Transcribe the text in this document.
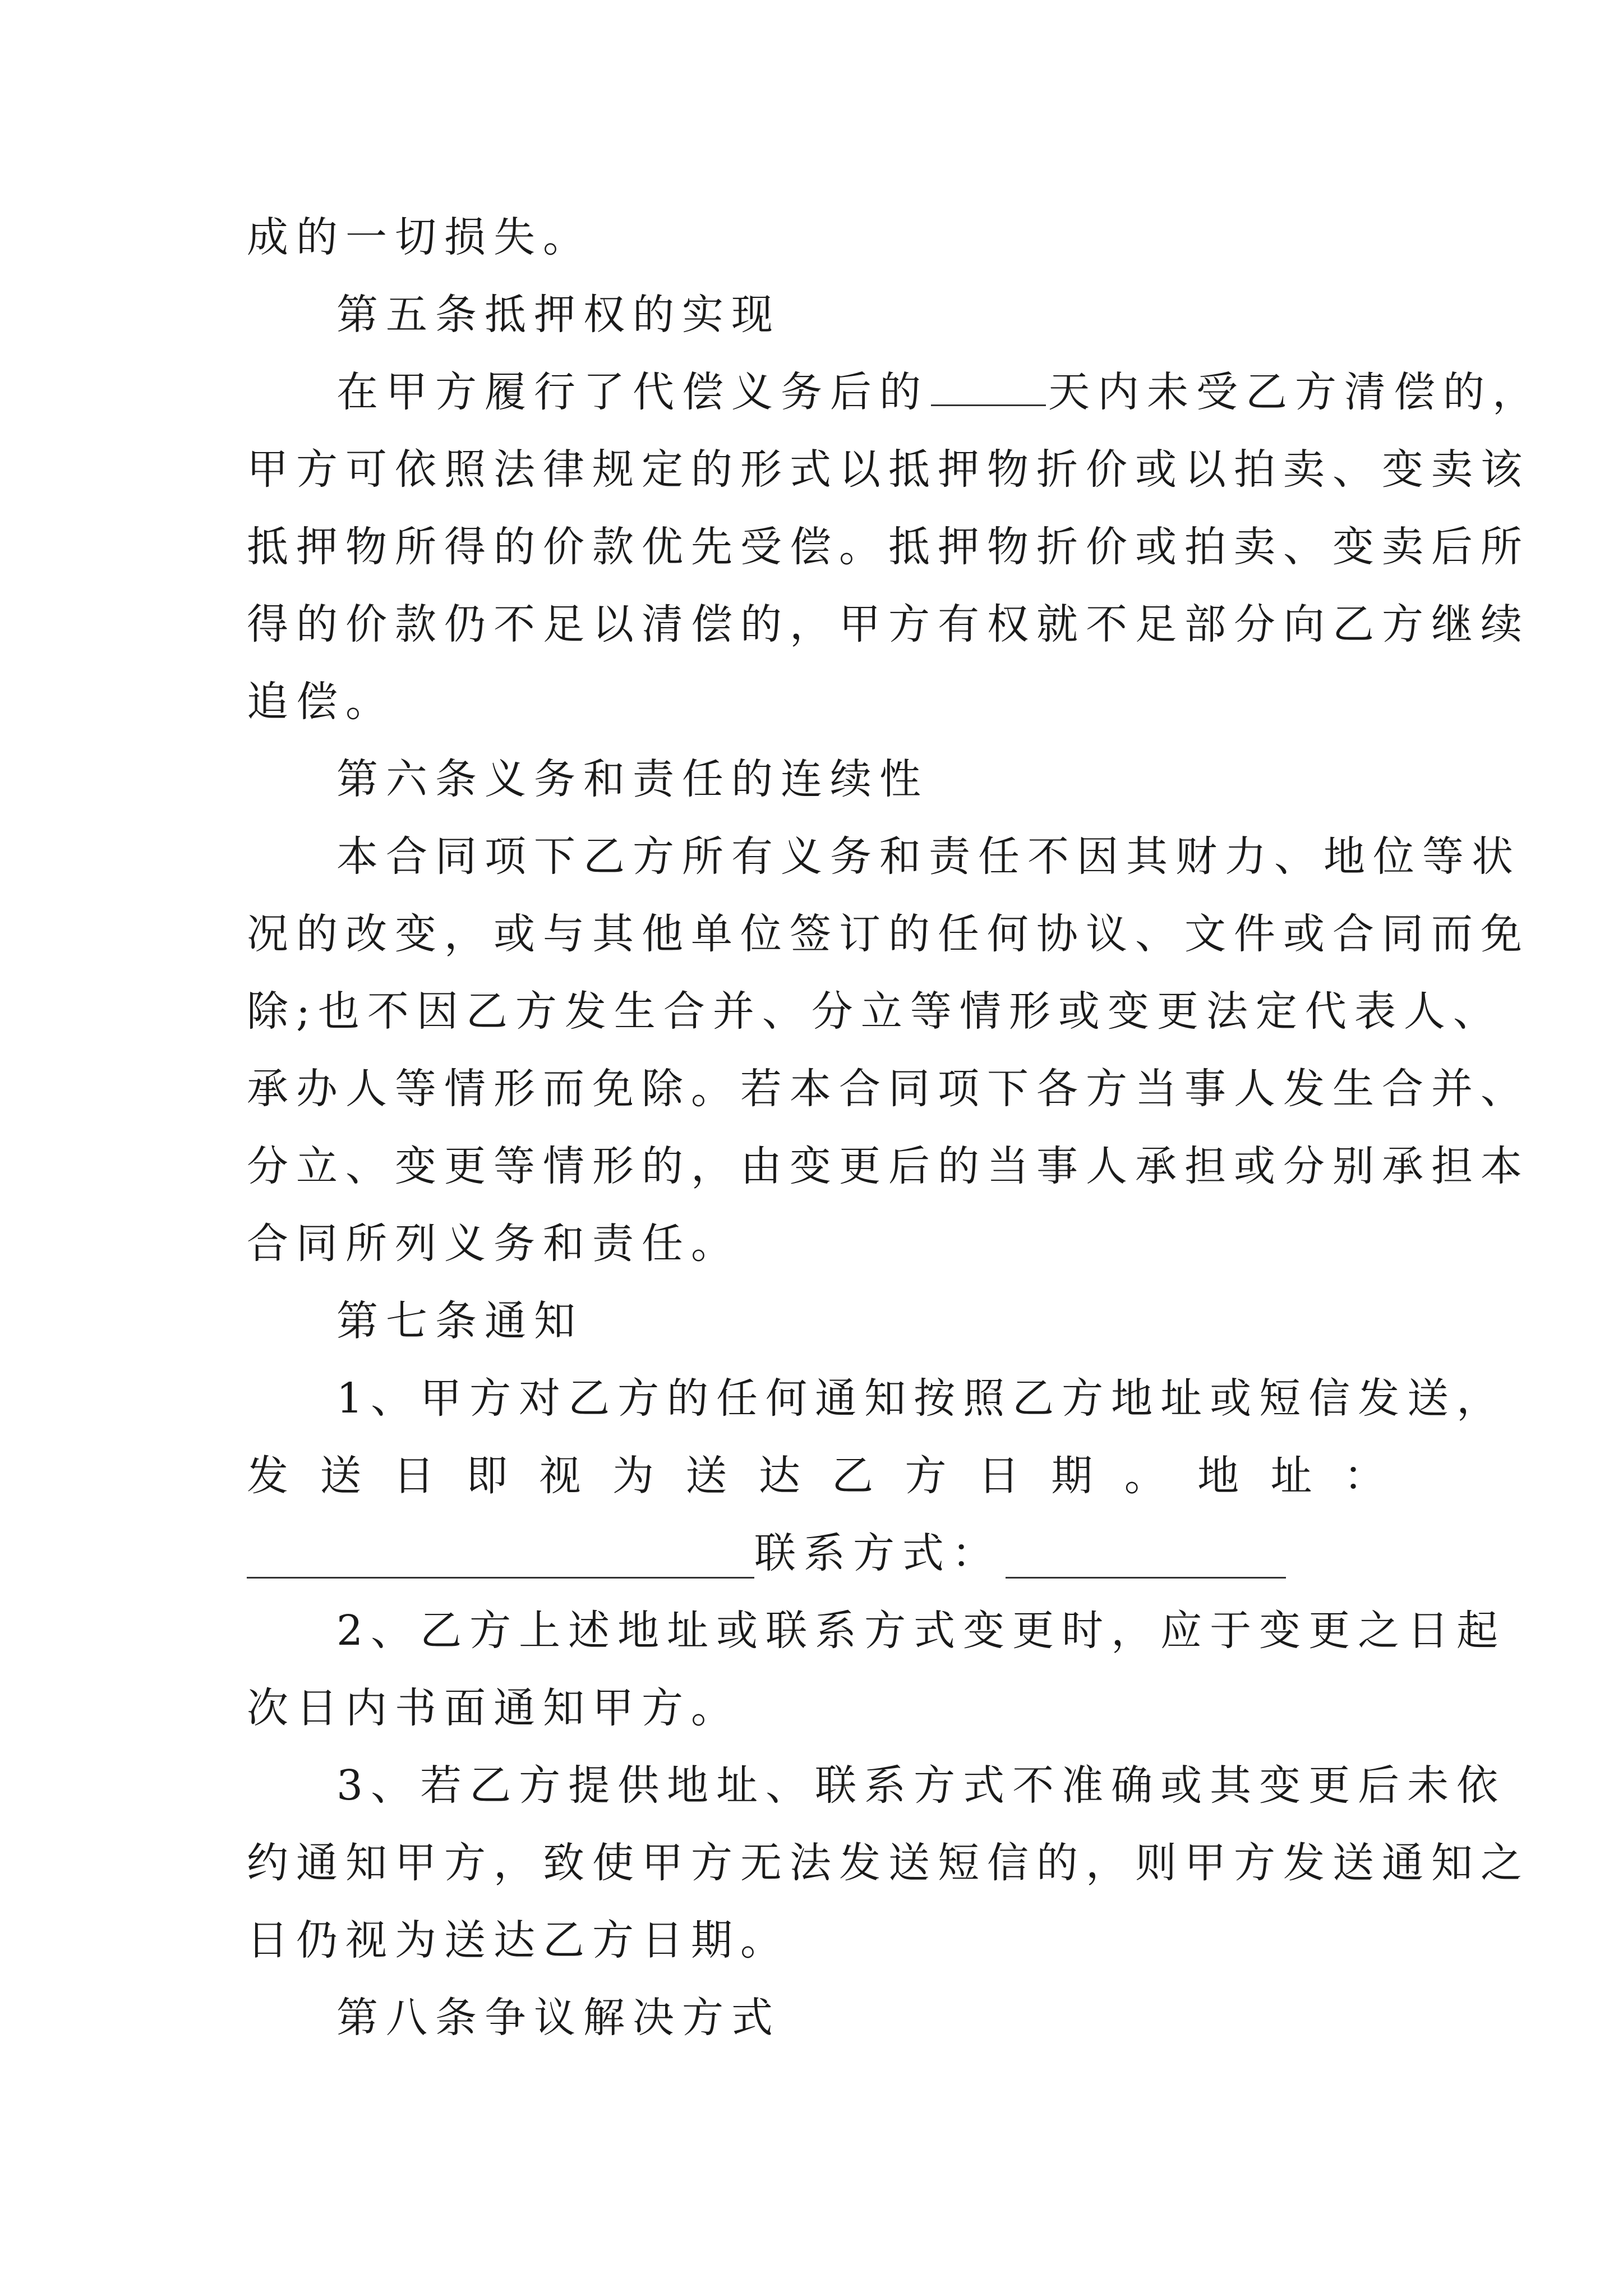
成的一切损失。
第五条抵押权的实现
在甲方履行了代偿义务后的	天内未受乙方清偿的，
甲方可依照法律规定的形式以抵押物折价或以拍卖、变卖该
抵押物所得的价款优先受偿。抵押物折价或拍卖、变卖后所
得的价款仍不足以清偿的，甲方有权就不足部分向乙方继续
追偿。
第六条义务和责任的连续性
本合同项下乙方所有义务和责任不因其财力、地位等状
况的改变，或与其他单位签订的任何协议、文件或合同而免
除;也不因乙方发生合并、分立等情形或变更法定代表人、
承办人等情形而免除。若本合同项下各方当事人发生合并、
分立、变更等情形的，由变更后的当事人承担或分别承担本
合同所列义务和责任。
第七条通知
1、甲方对乙方的任何通知按照乙方地址或短信发送，
发 送 日 即 视 为 送 达 乙 方 日 期 。 地 址 ：
联系方式：
2、乙方上述地址或联系方式变更时，应于变更之日起
次日内书面通知甲方。
3、若乙方提供地址、联系方式不准确或其变更后未依
约通知甲方，致使甲方无法发送短信的，则甲方发送通知之
日仍视为送达乙方日期。
第八条争议解决方式
